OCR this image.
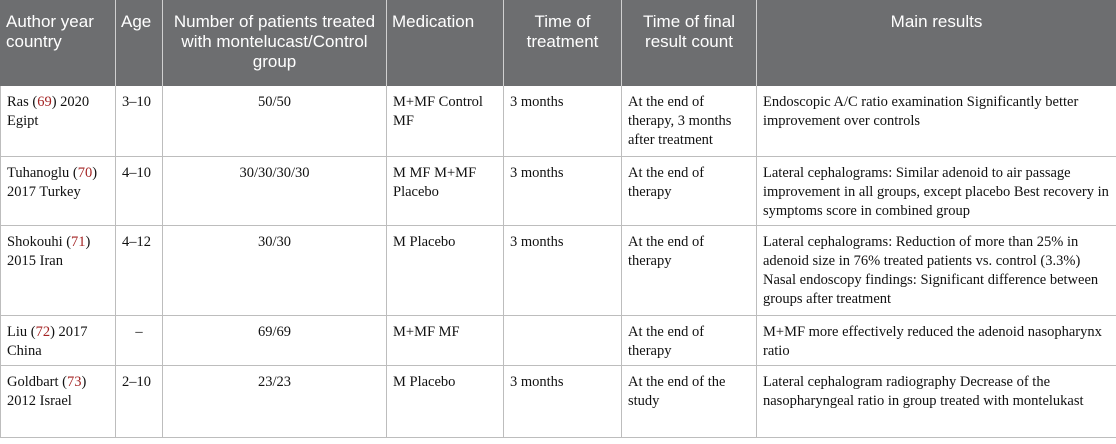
Author year country	Age	Number of patients treated with montelucast/Control group	Medication	Time of treatment	Time of final result count	Main results
Ras (69) 2020 Egipt	3–10	50/50	M+MF Control MF	3 months	At the end of therapy, 3 months after treatment	Endoscopic A/C ratio examination Significantly better improvement over controls
Tuhanoglu (70) 2017 Turkey	4–10	30/30/30/30	M MF M+MF Placebo	3 months	At the end of therapy	Lateral cephalograms: Similar adenoid to air passage improvement in all groups, except placebo Best recovery in symptoms score in combined group
Shokouhi (71) 2015 Iran	4–12	30/30	M Placebo	3 months	At the end of therapy	Lateral cephalograms: Reduction of more than 25% in adenoid size in 76% treated patients vs. control (3.3%) Nasal endoscopy findings: Significant difference between groups after treatment
Liu (72) 2017 China	–	69/69	M+MF MF		At the end of therapy	M+MF more effectively reduced the adenoid nasopharynx ratio
Goldbart (73) 2012 Israel	2–10	23/23	M Placebo	3 months	At the end of the study	Lateral cephalogram radiography Decrease of the nasopharyngeal ratio in group treated with montelukast
